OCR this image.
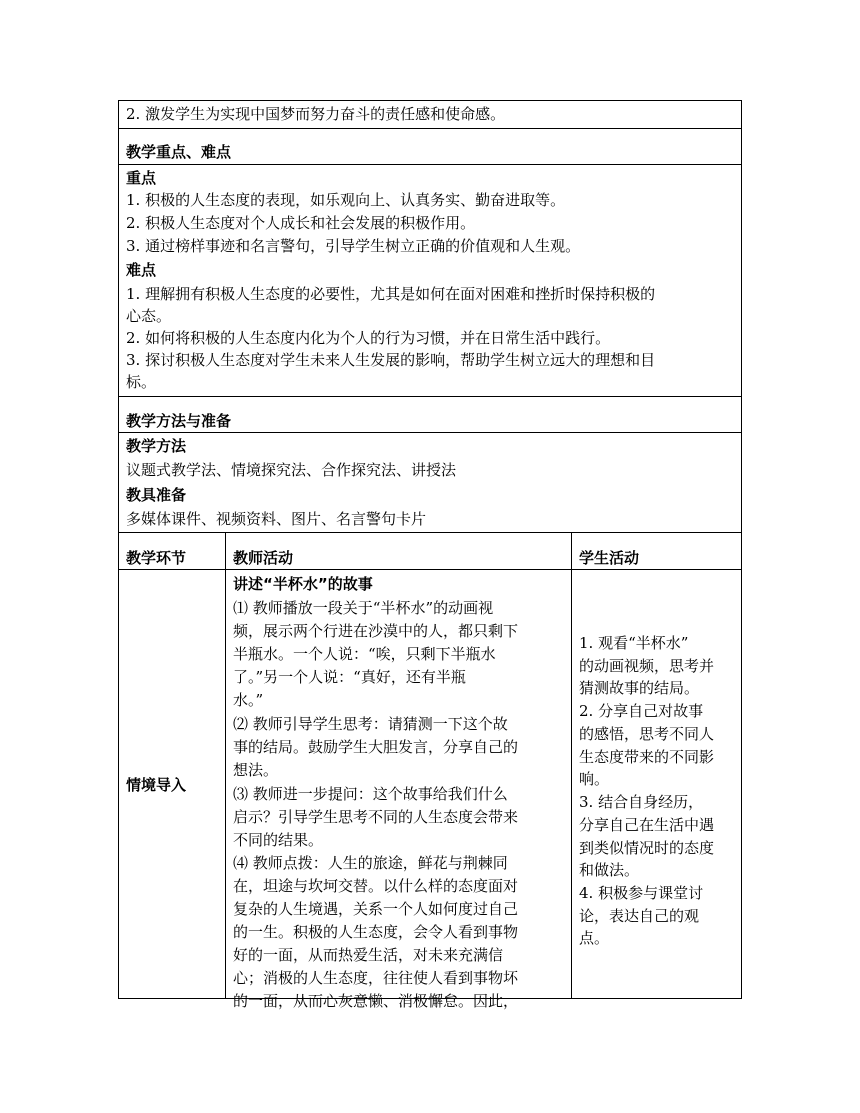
2. 激发学生为实现中国梦而努力奋斗的责任感和使命感。
教学重点、难点
重点
1. 积极的人生态度的表现，如乐观向上、认真务实、勤奋进取等。
2. 积极人生态度对个人成长和社会发展的积极作用。
3. 通过榜样事迹和名言警句，引导学生树立正确的价值观和人生观。
难点
1. 理解拥有积极人生态度的必要性，尤其是如何在面对困难和挫折时保持积极的
心态。
2. 如何将积极的人生态度内化为个人的行为习惯，并在日常生活中践行。
3. 探讨积极人生态度对学生未来人生发展的影响，帮助学生树立远大的理想和目
标。
教学方法与准备
教学方法
议题式教学法、情境探究法、合作探究法、讲授法
教具准备
多媒体课件、视频资料、图片、名言警句卡片
教学环节	教师活动	学生活动
情境导入
讲述“半杯水”的故事
⑴ 教师播放一段关于“半杯水”的动画视
频，展示两个行进在沙漠中的人，都只剩下
半瓶水。一个人说：“唉，只剩下半瓶水
了。”另一个人说：“真好，还有半瓶
水。”
⑵ 教师引导学生思考：请猜测一下这个故
事的结局。鼓励学生大胆发言，分享自己的
想法。
⑶ 教师进一步提问：这个故事给我们什么
启示？引导学生思考不同的人生态度会带来
不同的结果。
⑷ 教师点拨：人生的旅途，鲜花与荆棘同
在，坦途与坎坷交替。以什么样的态度面对
复杂的人生境遇，关系一个人如何度过自己
的一生。积极的人生态度，会令人看到事物
好的一面，从而热爱生活，对未来充满信
心；消极的人生态度，往往使人看到事物坏
的一面，从而心灰意懒、消极懈怠。因此，
1. 观看“半杯水”
的动画视频，思考并
猜测故事的结局。
2. 分享自己对故事
的感悟，思考不同人
生态度带来的不同影
响。
3. 结合自身经历，
分享自己在生活中遇
到类似情况时的态度
和做法。
4. 积极参与课堂讨
论，表达自己的观
点。
